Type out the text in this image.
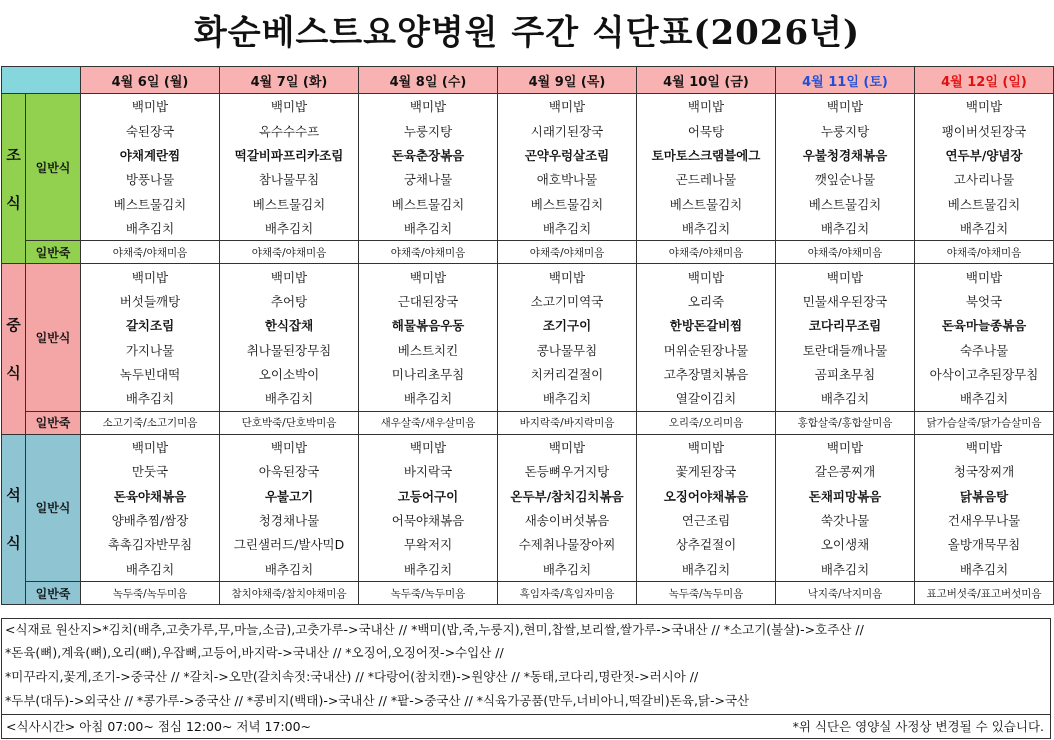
화순베스트요양병원 주간 식단표(2026년)
		4월 6일 (월)	4월 7일 (화)	4월 8일 (수)	4월 9일 (목)	4월 10일 (금)	4월 11일 (토)	4월 12일 (일)

조
식	일반식	백미밥	백미밥	백미밥	백미밥	백미밥	백미밥	백미밥
		숙된장국	옥수수수프	누룽지탕	시래기된장국	어묵탕	누룽지탕	팽이버섯된장국
		야채계란찜	떡갈비파프리카조림	돈육춘장볶음	곤약우렁살조림	토마토스크램블에그	우불청경채볶음	연두부/양념장
		방풍나물	참나물무침	궁채나물	애호박나물	곤드레나물	깻잎순나물	고사리나물
		베스트물김치	베스트물김치	베스트물김치	베스트물김치	베스트물김치	베스트물김치	베스트물김치
		배추김치	배추김치	배추김치	배추김치	배추김치	배추김치	배추김치
	일반죽	야채죽/야채미음	야채죽/야채미음	야채죽/야채미음	야채죽/야채미음	야채죽/야채미음	야채죽/야채미음	야채죽/야채미음

중
식	일반식	백미밥	백미밥	백미밥	백미밥	백미밥	백미밥	백미밥
		버섯들깨탕	추어탕	근대된장국	소고기미역국	오리죽	민물새우된장국	북엇국
		갈치조림	한식잡채	해물볶음우동	조기구이	한방돈갈비찜	코다리무조림	돈육마늘종볶음
		가지나물	취나물된장무침	베스트치킨	콩나물무침	머위순된장나물	토란대들깨나물	숙주나물
		녹두빈대떡	오이소박이	미나리초무침	치커리겉절이	고추장멸치볶음	곰피초무침	아삭이고추된장무침
		배추김치	배추김치	배추김치	배추김치	열갈이김치	배추김치	배추김치
	일반죽	소고기죽/소고기미음	단호박죽/단호박미음	새우살죽/새우살미음	바지락죽/바지락미음	오리죽/오리미음	홍합살죽/홍합살미음	닭가슴살죽/닭가슴살미음

석
식	일반식	백미밥	백미밥	백미밥	백미밥	백미밥	백미밥	백미밥
		만둣국	아욱된장국	바지락국	돈등뼈우거지탕	꽃게된장국	갈은콩찌개	청국장찌개
		돈육야채볶음	우불고기	고등어구이	온두부/참치김치볶음	오징어야채볶음	돈채피망볶음	닭볶음탕
		양배추찜/쌈장	청경채나물	어묵야채볶음	새송이버섯볶음	연근조림	쑥갓나물	건새우무나물
		촉촉김자반무침	그린샐러드/발사믹D	무왁저지	수제취나물장아찌	상추겉절이	오이생채	올방개묵무침
		배추김치	배추김치	배추김치	배추김치	배추김치	배추김치	배추김치
	일반죽	녹두죽/녹두미음	참치야채죽/참치야채미음	녹두죽/녹두미음	흑임자죽/흑임자미음	녹두죽/녹두미음	낙지죽/낙지미음	표고버섯죽/표고버섯미음
<식재료 원산지>*김치(배추,고춧가루,무,마늘,소금),고춧가루->국내산 // *백미(밥,죽,누룽지),현미,찹쌀,보리쌀,쌀가루->국내산 // *소고기(불살)->호주산 //
*돈육(뼈),계육(뼈),오리(뼈),우잡뼈,고등어,바지락->국내산 // *오징어,오징어젓->수입산 //
*미꾸라지,꽃게,조기->중국산 // *갈치->오만(갈치속젓:국내산) // *다랑어(참치캔)->원양산 // *동태,코다리,명란젓->러시아 //
*두부(대두)->외국산 // *콩가루->중국산 // *콩비지(백태)->국내산 // *팥->중국산 // *식육가공품(만두,너비아니,떡갈비)돈육,닭->국산
<식사시간> 아침 07:00~ 점심 12:00~ 저녁 17:00~	*위 식단은 영양실 사정상 변경될 수 있습니다.
